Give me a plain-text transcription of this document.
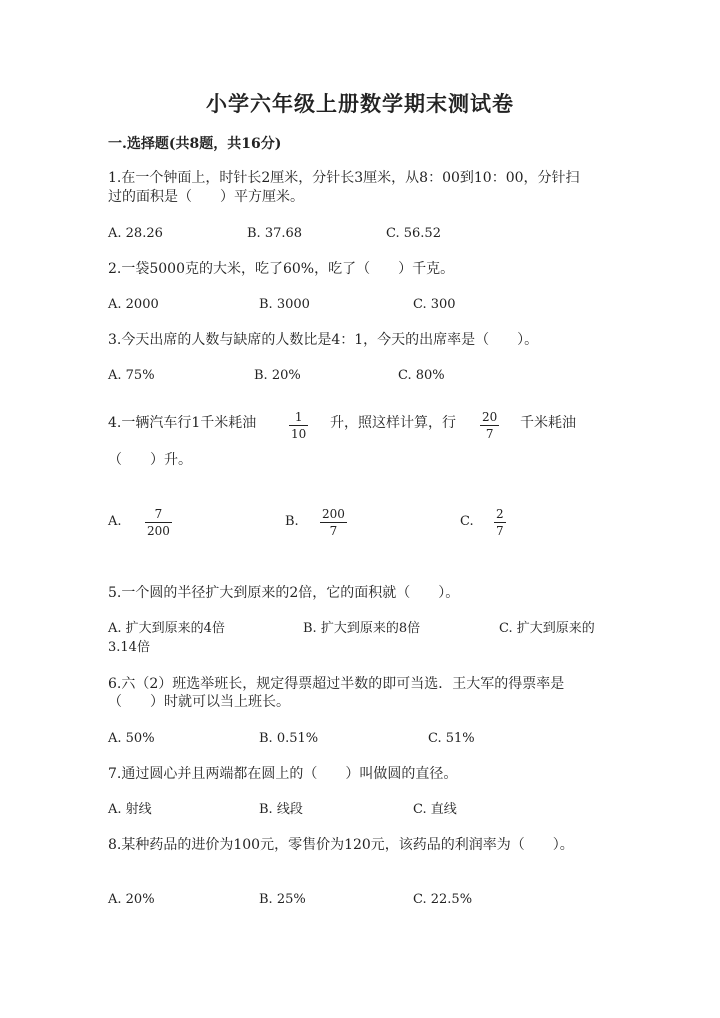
小学六年级上册数学期末测试卷
一.选择题(共8题，共16分)
1.在一个钟面上，时针长2厘米，分针长3厘米，从8：00到10：00，分针扫
过的面积是（　　）平方厘米。
A. 28.26	B. 37.68	C. 56.52
2.一袋5000克的大米，吃了60%，吃了（　　）千克。
A. 2000	B. 3000	C. 300
3.今天出席的人数与缺席的人数比是4：1，今天的出席率是（　　）。
A. 75%	B. 20%	C. 80%
4.一辆汽车行1千米耗油	1
10
升，照这样计算，行 20
7
千米耗油
（　　）升。
A.	7
200
B. 200
7
C. 2
7
5.一个圆的半径扩大到原来的2倍，它的面积就（　　）。
A. 扩大到原来的4倍	B. 扩大到原来的8倍	C. 扩大到原来的
3.14倍
6.六（2）班选举班长，规定得票超过半数的即可当选．王大军的得票率是
（　　）时就可以当上班长。
A. 50%	B. 0.51%	C. 51%
7.通过圆心并且两端都在圆上的（　　）叫做圆的直径。
A. 射线	B. 线段	C. 直线
8.某种药品的进价为100元，零售价为120元，该药品的利润率为（　　）。
A. 20%	B. 25%	C. 22.5%
